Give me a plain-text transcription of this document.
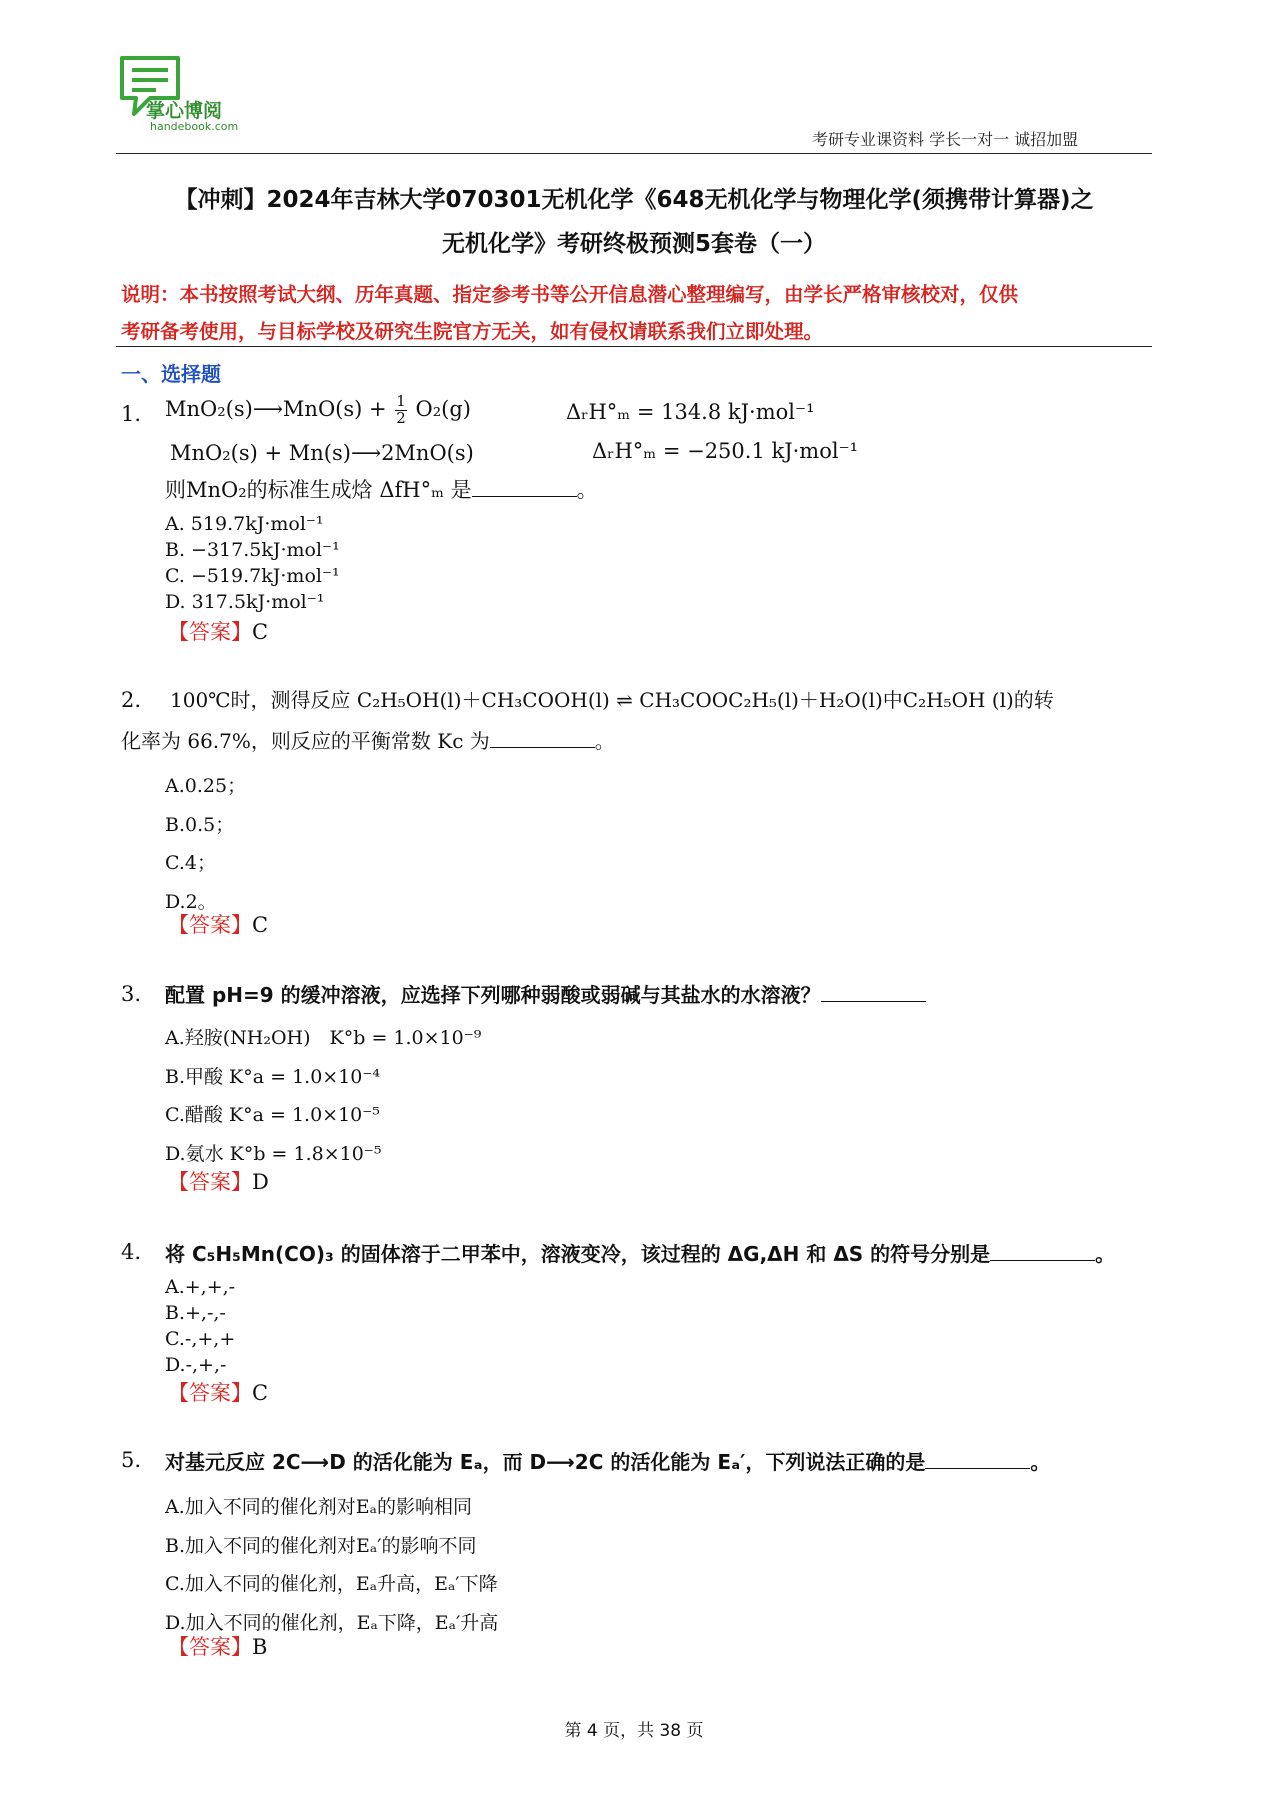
掌心博阅
handebook.com
考研专业课资料 学长一对一 诚招加盟
【冲刺】2024年吉林大学070301无机化学《648无机化学与物理化学(须携带计算器)之
无机化学》考研终极预测5套卷（一）
说明：本书按照考试大纲、历年真题、指定参考书等公开信息潜心整理编写，由学长严格审核校对，仅供
考研备考使用，与目标学校及研究生院官方无关，如有侵权请联系我们立即处理。
一、选择题
1. MnO₂(s)⟶MnO(s) + $\frac{1}{2} O_2(g)$	ΔᵣH°ₘ = 134.8 kJ·mol⁻¹
MnO₂(s) + Mn(s)⟶2MnO(s)	ΔᵣH°ₘ = −250.1 kJ·mol⁻¹
则MnO₂的标准生成焓 ΔfH°ₘ 是	。
A. 519.7kJ·mol⁻¹
B. −317.5kJ·mol⁻¹
C. −519.7kJ·mol⁻¹
D. 317.5kJ·mol⁻¹
【答案】C
2. 100℃时，测得反应 C₂H₅OH(l)＋CH₃COOH(l) ⇌ CH₃COOC₂H₅(l)＋H₂O(l)中C₂H₅OH (l)的转
化率为 66.7%，则反应的平衡常数 Kc 为	。
A.0.25；
B.0.5；
C.4；
D.2。
【答案】C
3. 配置 pH=9 的缓冲溶液，应选择下列哪种弱酸或弱碱与其盐水的水溶液？
A.羟胺(NH₂OH)　K°b = 1.0×10⁻⁹
B.甲酸 K°a = 1.0×10⁻⁴
C.醋酸 K°a = 1.0×10⁻⁵
D.氨水 K°b = 1.8×10⁻⁵
【答案】D
4. 将 C₅H₅Mn(CO)₃ 的固体溶于二甲苯中，溶液变冷，该过程的 ΔG,ΔH 和 ΔS 的符号分别是	。
A.+,+,-
B.+,-,-
C.-,+,+
D.-,+,-
【答案】C
5. 对基元反应 2C⟶D 的活化能为 Eₐ，而 D⟶2C 的活化能为 Eₐ′，下列说法正确的是	。
A.加入不同的催化剂对Eₐ的影响相同
B.加入不同的催化剂对Eₐ′的影响不同
C.加入不同的催化剂，Eₐ升高，Eₐ′下降
D.加入不同的催化剂，Eₐ下降，Eₐ′升高
【答案】B
第 4 页，共 38 页
